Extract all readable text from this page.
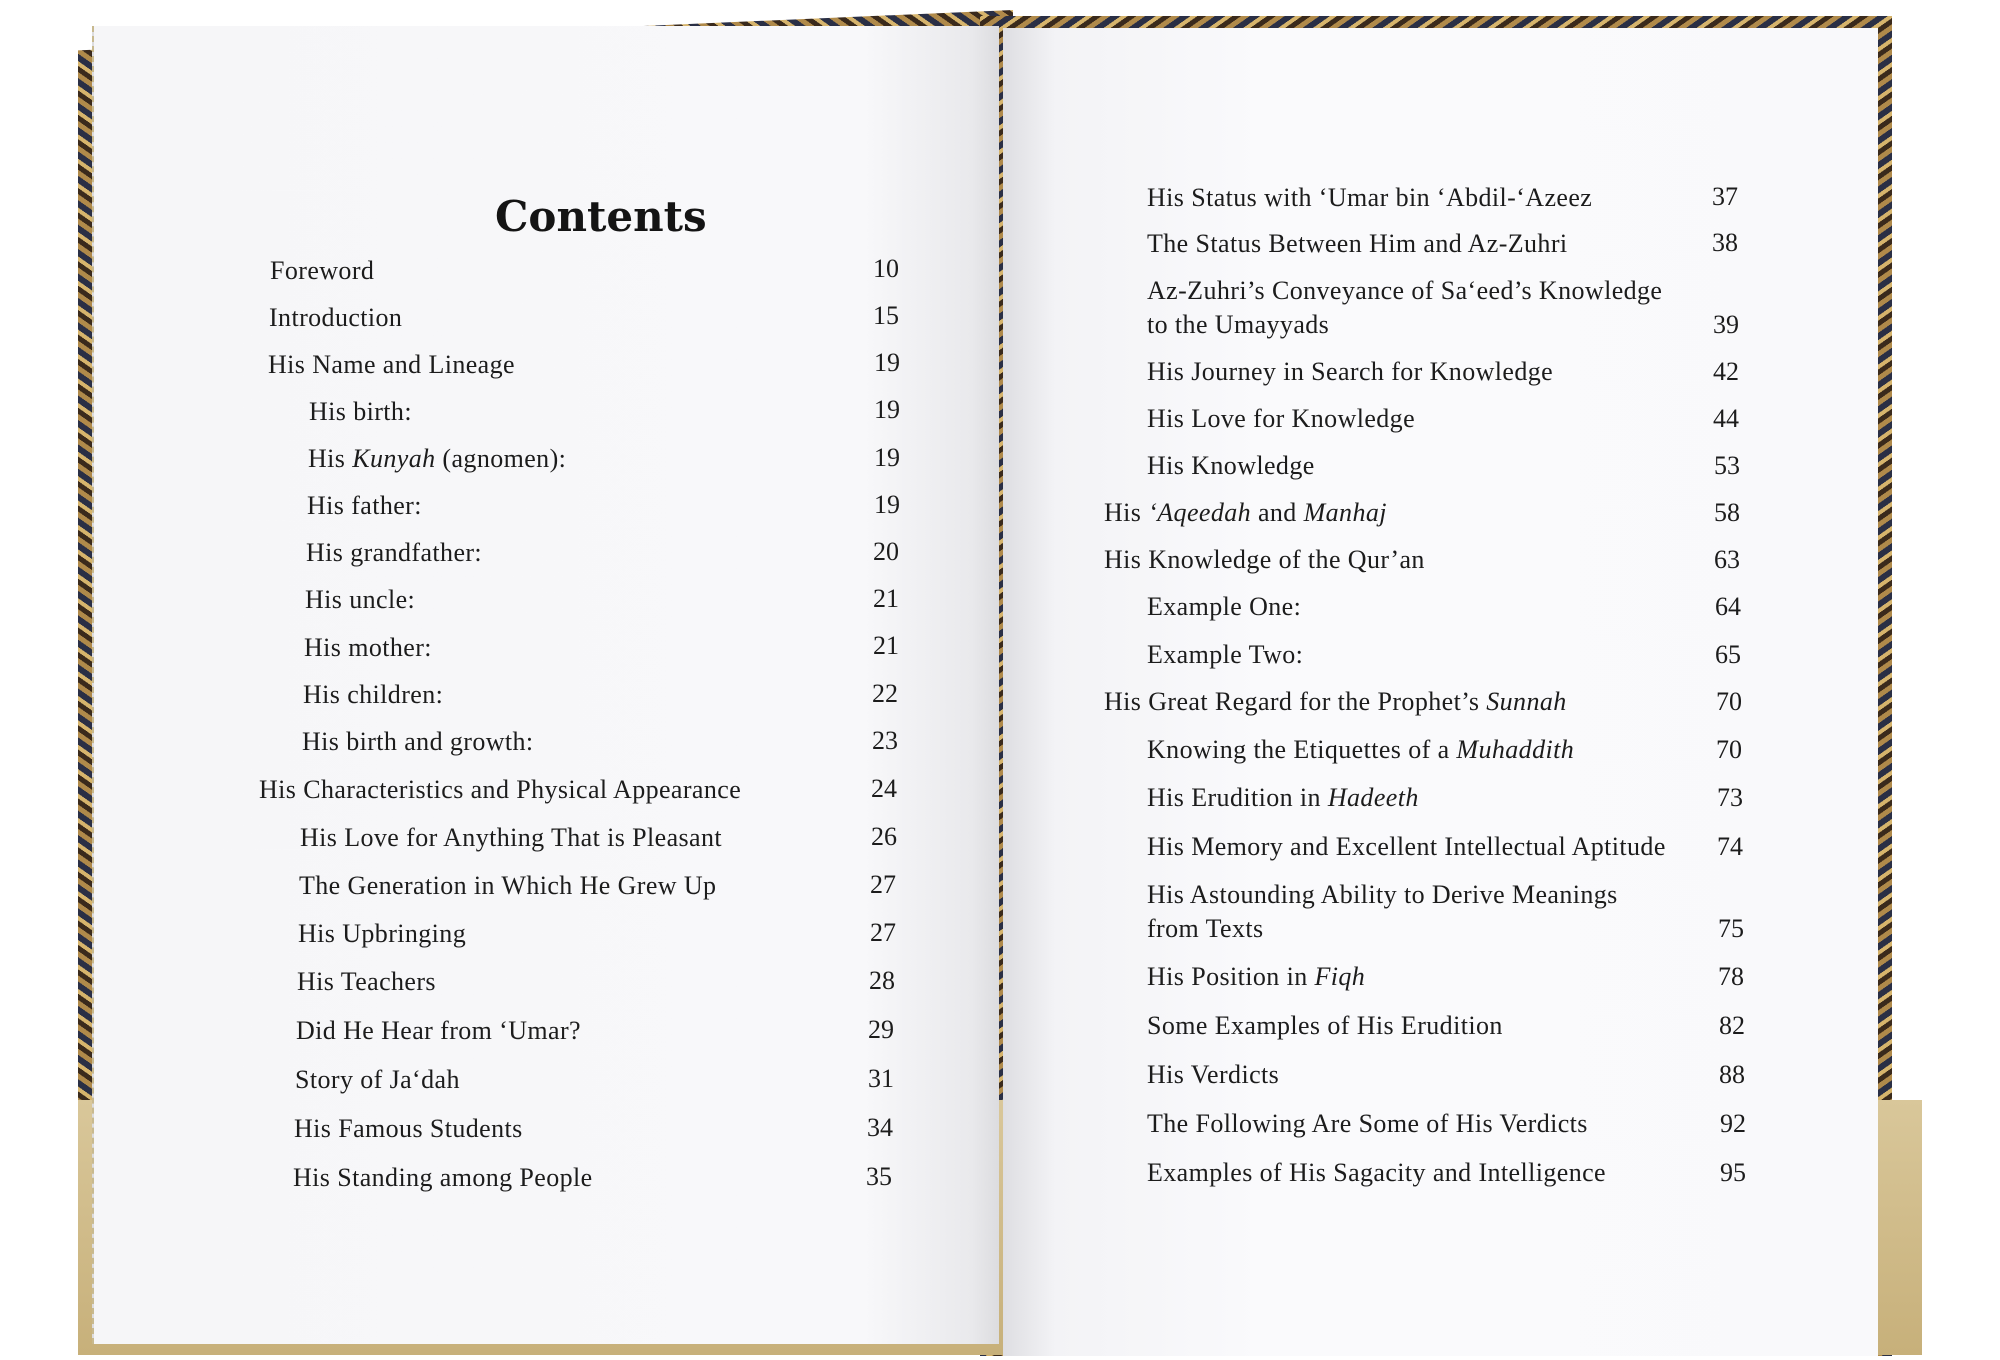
Contents
Foreword	10
Introduction	15
His Name and Lineage	19
His birth:	19
His Kunyah (agnomen):	19
His father:	19
His grandfather:	20
His uncle:	21
His mother:	21
His children:	22
His birth and growth:	23
His Characteristics and Physical Appearance	24
His Love for Anything That is Pleasant	26
The Generation in Which He Grew Up	27
His Upbringing	27
His Teachers	28
Did He Hear from ‘Umar?	29
Story of Ja‘dah	31
His Famous Students	34
His Standing among People	35
His Status with ‘Umar bin ‘Abdil-‘Azeez	37
The Status Between Him and Az-Zuhri	38
Az-Zuhri’s Conveyance of Sa‘eed’s Knowledge
to the Umayyads	39
His Journey in Search for Knowledge	42
His Love for Knowledge	44
His Knowledge	53
His ‘Aqeedah and Manhaj	58
His Knowledge of the Qur’an	63
Example One:	64
Example Two:	65
His Great Regard for the Prophet’s Sunnah	70
Knowing the Etiquettes of a Muhaddith	70
His Erudition in Hadeeth	73
His Memory and Excellent Intellectual Aptitude 74
His Astounding Ability to Derive Meanings
from Texts	75
His Position in Fiqh	78
Some Examples of His Erudition	82
His Verdicts	88
The Following Are Some of His Verdicts	92
Examples of His Sagacity and Intelligence	95
